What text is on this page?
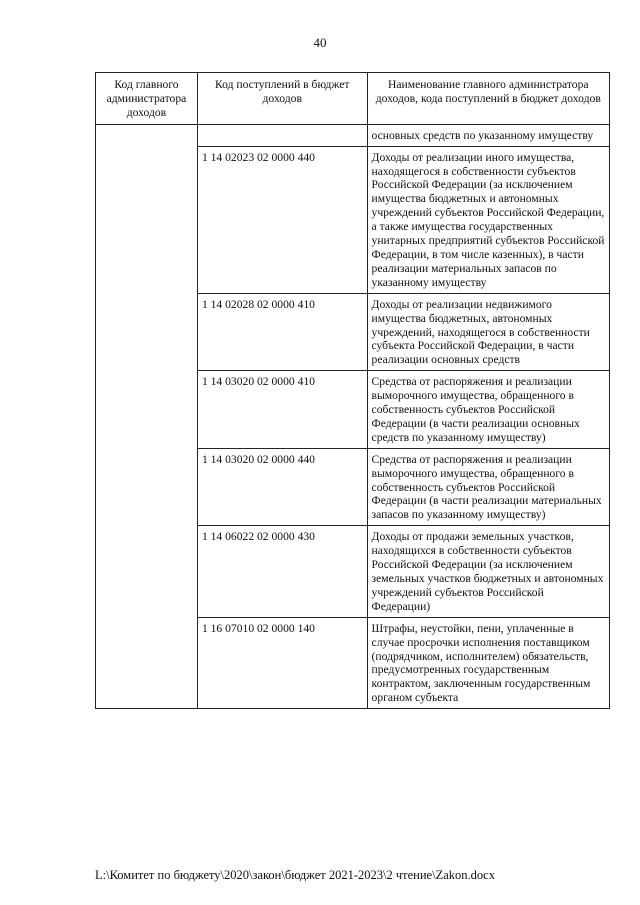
40
Код главного администратора доходов	Код поступлений в бюджет доходов	Наименование главного администратора доходов, кода поступлений в бюджет доходов
		основных средств по указанному имуществу
	1 14 02023 02 0000 440	Доходы от реализации иного имущества, находящегося в собственности субъектов Российской Федерации (за исключением имущества бюджетных и автономных учреждений субъектов Российской Федерации, а также имущества государственных унитарных предприятий субъектов Российской Федерации, в том числе казенных), в части реализации материальных запасов по указанному имуществу
	1 14 02028 02 0000 410	Доходы от реализации недвижимого имущества бюджетных, автономных учреждений, находящегося в собственности субъекта Российской Федерации, в части реализации основных средств
	1 14 03020 02 0000 410	Средства от распоряжения и реализации выморочного имущества, обращенного в собственность субъектов Российской Федерации (в части реализации основных средств по указанному имуществу)
	1 14 03020 02 0000 440	Средства от распоряжения и реализации выморочного имущества, обращенного в собственность субъектов Российской Федерации (в части реализации материальных запасов по указанному имуществу)
	1 14 06022 02 0000 430	Доходы от продажи земельных участков, находящихся в собственности субъектов Российской Федерации (за исключением земельных участков бюджетных и автономных учреждений субъектов Российской Федерации)
	1 16 07010 02 0000 140	Штрафы, неустойки, пени, уплаченные в случае просрочки исполнения поставщиком (подрядчиком, исполнителем) обязательств, предусмотренных государственным контрактом, заключенным государственным органом субъекта
L:\Комитет по бюджету\2020\закон\бюджет 2021-2023\2 чтение\Zakon.docx
